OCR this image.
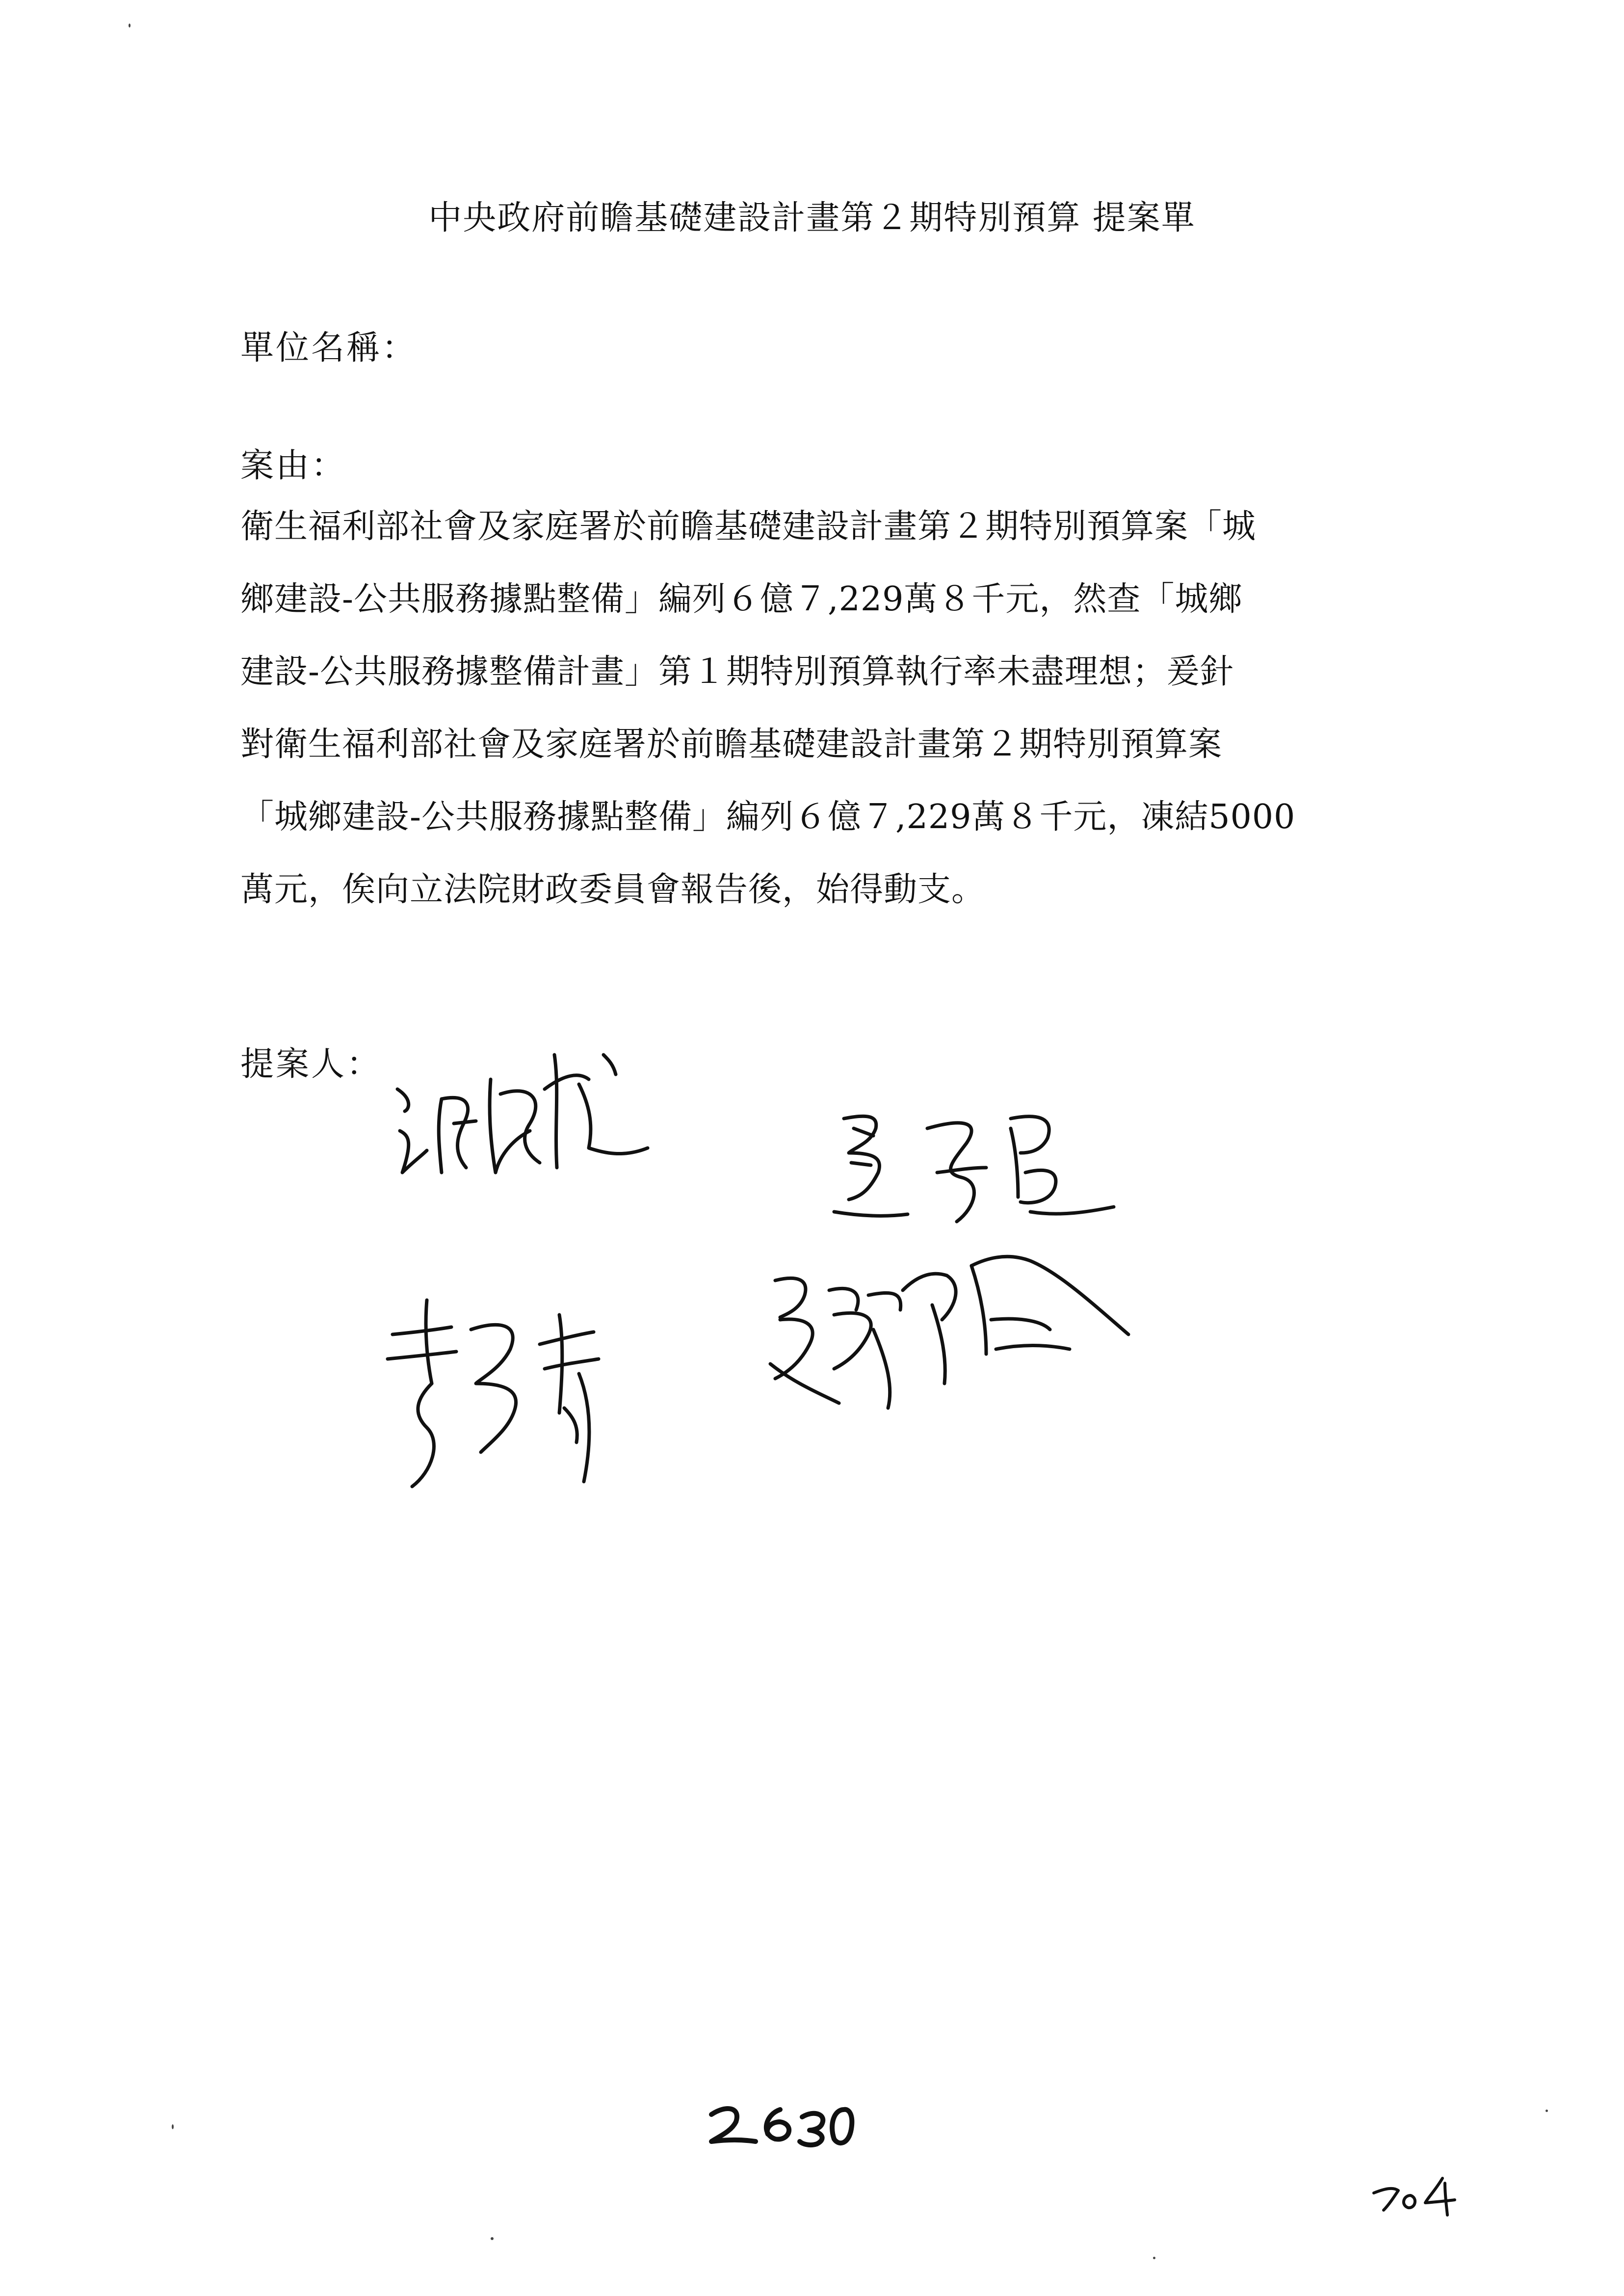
中央政府前瞻基礎建設計畫第２期特別預算 提案單
單位名稱：
案由：
衛生福利部社會及家庭署於前瞻基礎建設計畫第２期特別預算案「城
鄉建設-公共服務據點整備」編列６億７,229萬８千元，然查「城鄉
建設-公共服務據整備計畫」第１期特別預算執行率未盡理想；爰針
對衛生福利部社會及家庭署於前瞻基礎建設計畫第２期特別預算案
「城鄉建設-公共服務據點整備」編列６億７,229萬８千元，凍結5000
萬元，俟向立法院財政委員會報告後，始得動支。
提案人：
